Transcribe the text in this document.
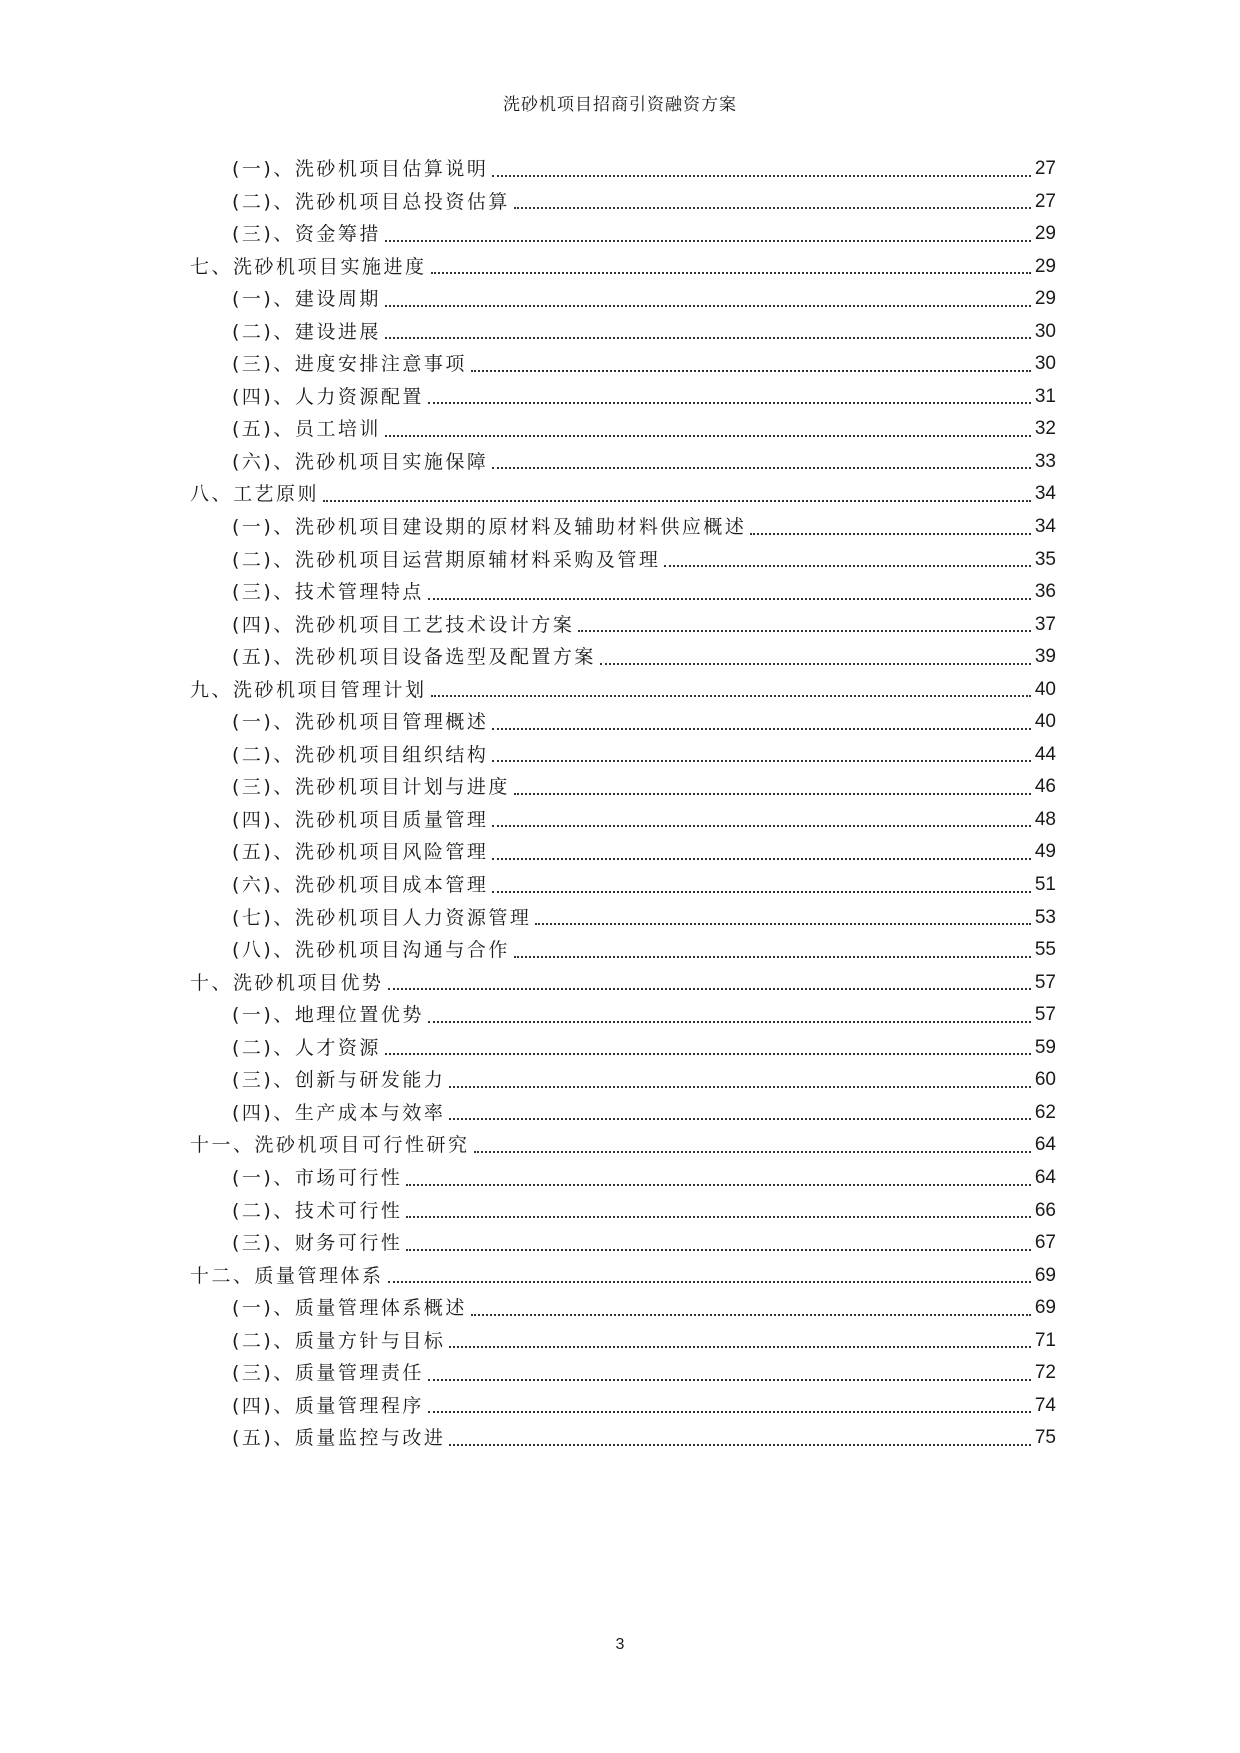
洗砂机项目招商引资融资方案
(一)、洗砂机项目估算说明	27
(二)、洗砂机项目总投资估算	27
(三)、资金筹措	29
七、洗砂机项目实施进度	29
(一)、建设周期	29
(二)、建设进展	30
(三)、进度安排注意事项	30
(四)、人力资源配置	31
(五)、员工培训	32
(六)、洗砂机项目实施保障	33
八、工艺原则	34
(一)、洗砂机项目建设期的原材料及辅助材料供应概述	34
(二)、洗砂机项目运营期原辅材料采购及管理	35
(三)、技术管理特点	36
(四)、洗砂机项目工艺技术设计方案	37
(五)、洗砂机项目设备选型及配置方案	39
九、洗砂机项目管理计划	40
(一)、洗砂机项目管理概述	40
(二)、洗砂机项目组织结构	44
(三)、洗砂机项目计划与进度	46
(四)、洗砂机项目质量管理	48
(五)、洗砂机项目风险管理	49
(六)、洗砂机项目成本管理	51
(七)、洗砂机项目人力资源管理	53
(八)、洗砂机项目沟通与合作	55
十、洗砂机项目优势	57
(一)、地理位置优势	57
(二)、人才资源	59
(三)、创新与研发能力	60
(四)、生产成本与效率	62
十一、洗砂机项目可行性研究	64
(一)、市场可行性	64
(二)、技术可行性	66
(三)、财务可行性	67
十二、质量管理体系	69
(一)、质量管理体系概述	69
(二)、质量方针与目标	71
(三)、质量管理责任	72
(四)、质量管理程序	74
(五)、质量监控与改进	75
3
